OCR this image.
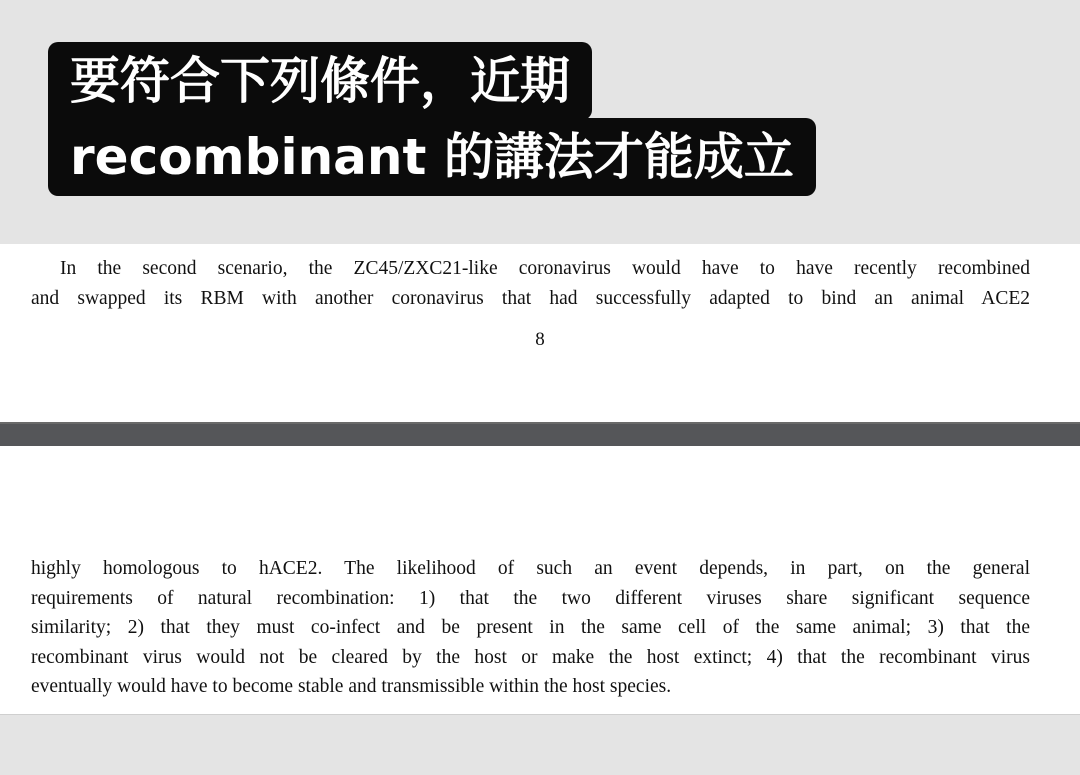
要符合下列條件，近期
recombinant 的講法才能成立
In the second scenario, the ZC45/ZXC21-like coronavirus would have to have recently recombined
and swapped its RBM with another coronavirus that had successfully adapted to bind an animal ACE2
8
highly homologous to hACE2. The likelihood of such an event depends, in part, on the general
requirements of natural recombination: 1) that the two different viruses share significant sequence
similarity; 2) that they must co-infect and be present in the same cell of the same animal; 3) that the
recombinant virus would not be cleared by the host or make the host extinct; 4) that the recombinant virus
eventually would have to become stable and transmissible within the host species.
